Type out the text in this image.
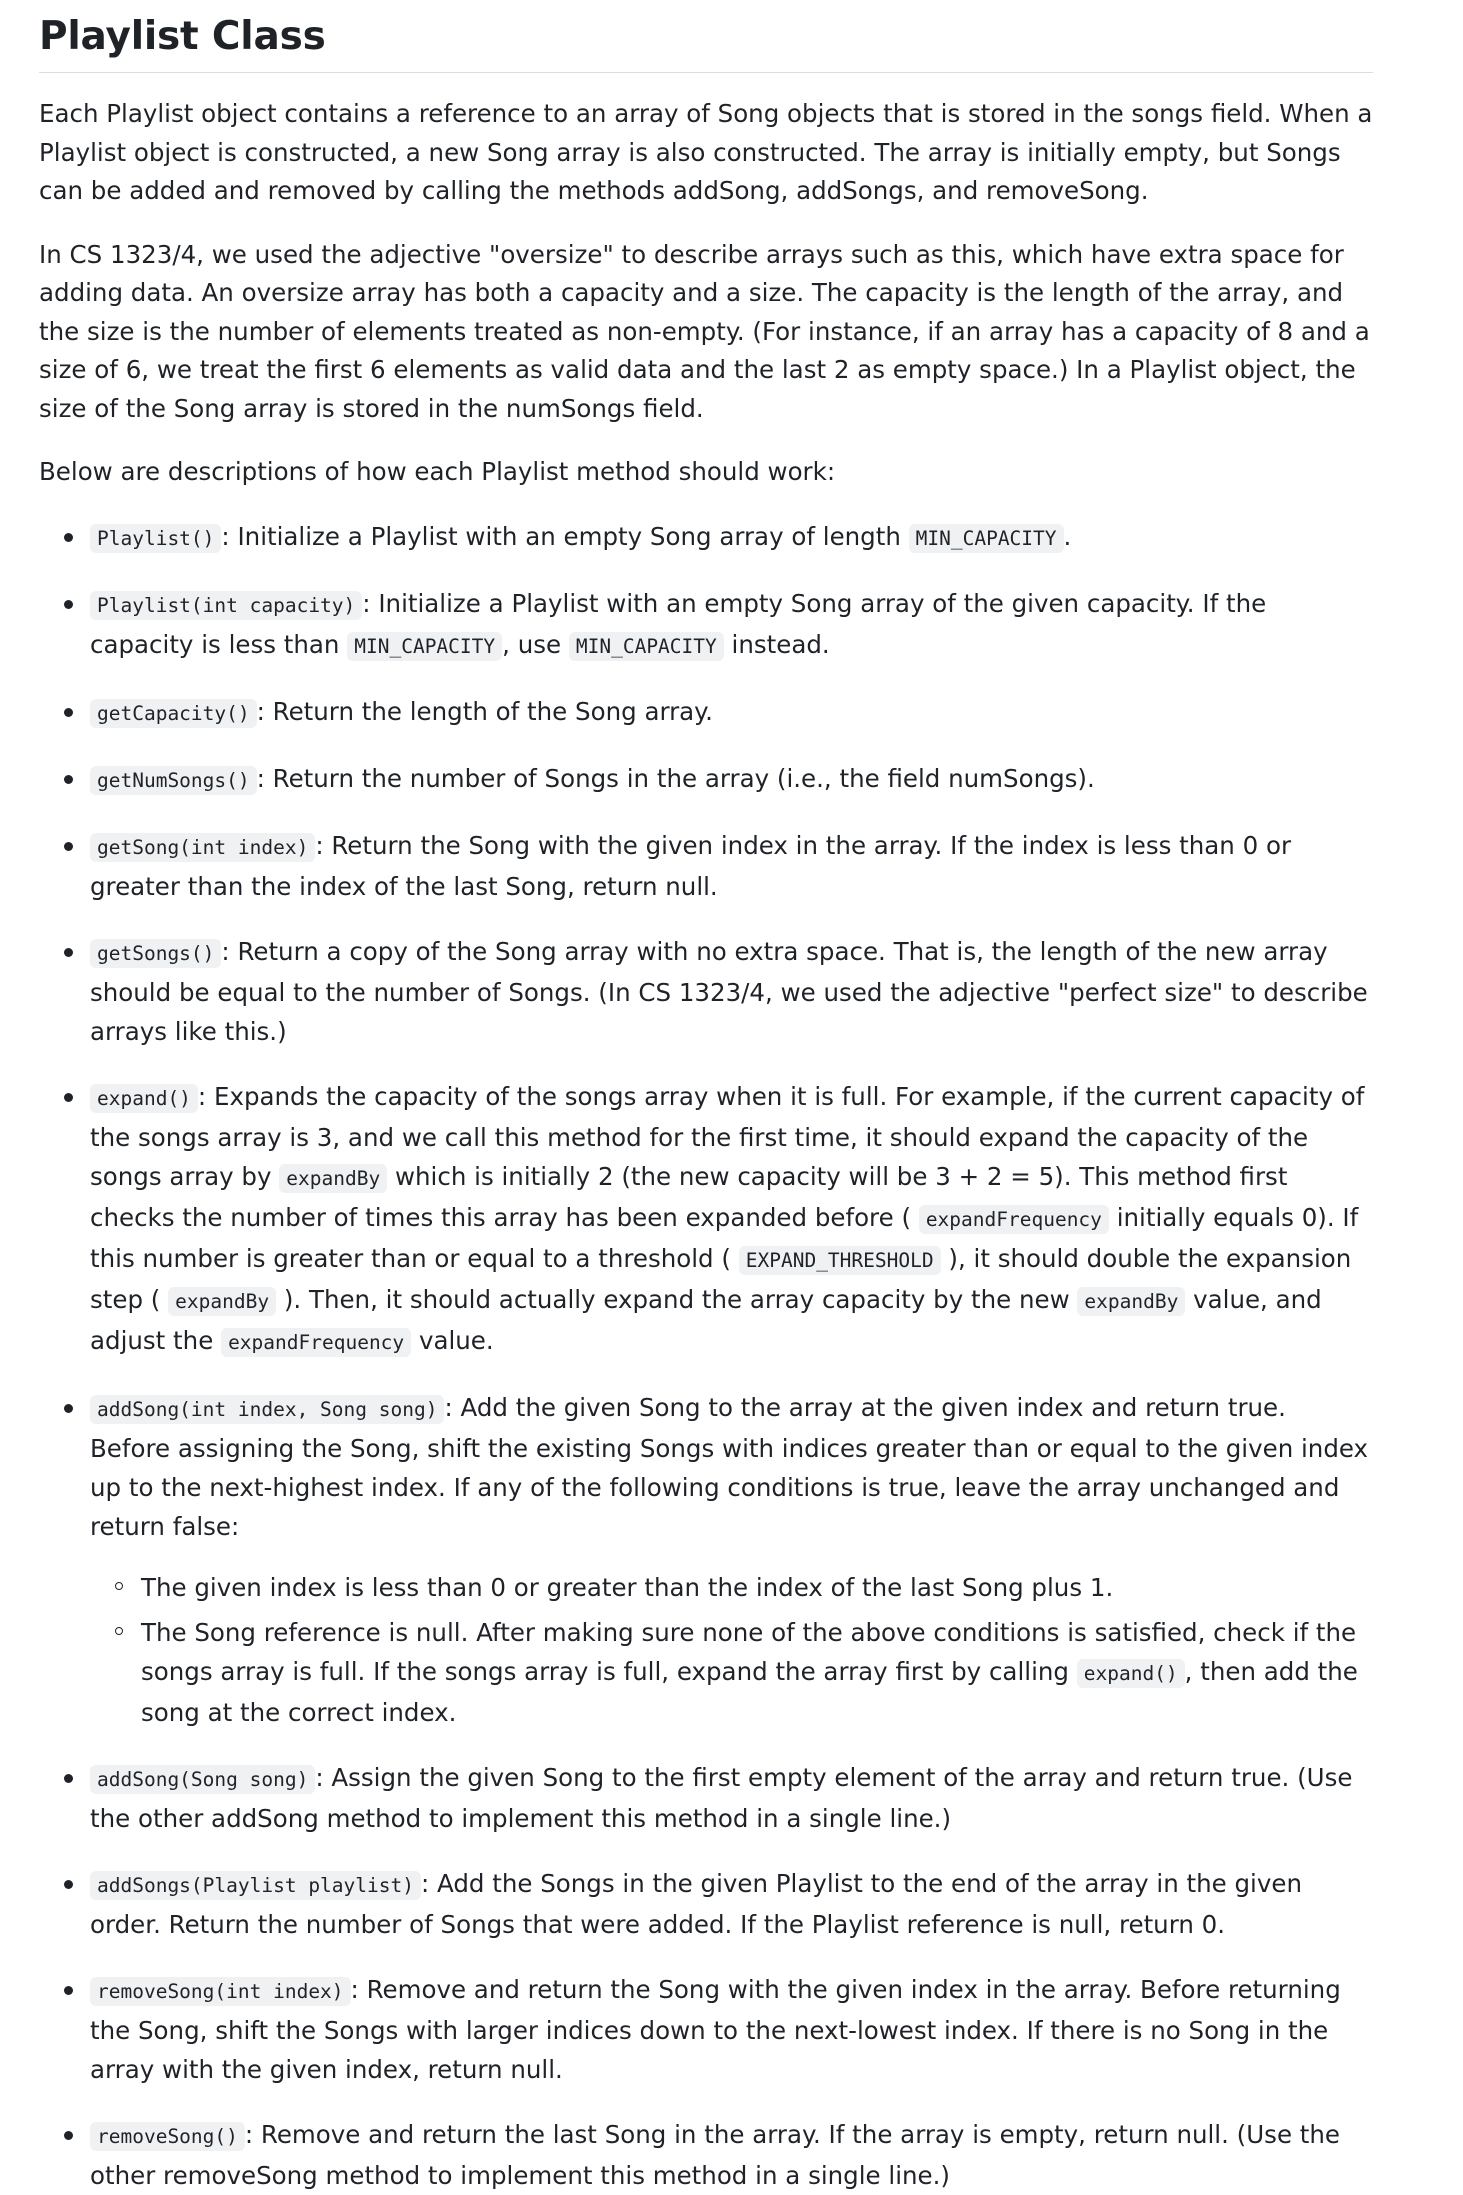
Playlist Class

Each Playlist object contains a reference to an array of Song objects that is stored in the songs field. When a Playlist object is constructed, a new Song array is also constructed. The array is initially empty, but Songs can be added and removed by calling the methods addSong, addSongs, and removeSong.

In CS 1323/4, we used the adjective "oversize" to describe arrays such as this, which have extra space for adding data. An oversize array has both a capacity and a size. The capacity is the length of the array, and the size is the number of elements treated as non-empty. (For instance, if an array has a capacity of 8 and a size of 6, we treat the first 6 elements as valid data and the last 2 as empty space.) In a Playlist object, the size of the Song array is stored in the numSongs field.

Below are descriptions of how each Playlist method should work:

Playlist() : Initialize a Playlist with an empty Song array of length MIN_CAPACITY .
Playlist(int capacity) : Initialize a Playlist with an empty Song array of the given capacity. If the capacity is less than MIN_CAPACITY , use MIN_CAPACITY instead.
getCapacity() : Return the length of the Song array.
getNumSongs() : Return the number of Songs in the array (i.e., the field numSongs).
getSong(int index) : Return the Song with the given index in the array. If the index is less than 0 or greater than the index of the last Song, return null.
getSongs() : Return a copy of the Song array with no extra space. That is, the length of the new array should be equal to the number of Songs. (In CS 1323/4, we used the adjective "perfect size" to describe arrays like this.)
expand() : Expands the capacity of the songs array when it is full. For example, if the current capacity of the songs array is 3, and we call this method for the first time, it should expand the capacity of the songs array by expandBy which is initially 2 (the new capacity will be 3 + 2 = 5). This method first checks the number of times this array has been expanded before ( expandFrequency initially equals 0). If this number is greater than or equal to a threshold ( EXPAND_THRESHOLD ), it should double the expansion step ( expandBy ). Then, it should actually expand the array capacity by the new expandBy value, and adjust the expandFrequency value.
addSong(int index, Song song) : Add the given Song to the array at the given index and return true. Before assigning the Song, shift the existing Songs with indices greater than or equal to the given index up to the next-highest index. If any of the following conditions is true, leave the array unchanged and return false:
The given index is less than 0 or greater than the index of the last Song plus 1.
The Song reference is null. After making sure none of the above conditions is satisfied, check if the songs array is full. If the songs array is full, expand the array first by calling expand() , then add the song at the correct index.
addSong(Song song) : Assign the given Song to the first empty element of the array and return true. (Use the other addSong method to implement this method in a single line.)
addSongs(Playlist playlist) : Add the Songs in the given Playlist to the end of the array in the given order. Return the number of Songs that were added. If the Playlist reference is null, return 0.
removeSong(int index) : Remove and return the Song with the given index in the array. Before returning the Song, shift the Songs with larger indices down to the next-lowest index. If there is no Song in the array with the given index, return null.
removeSong() : Remove and return the last Song in the array. If the array is empty, return null. (Use the other removeSong method to implement this method in a single line.)
